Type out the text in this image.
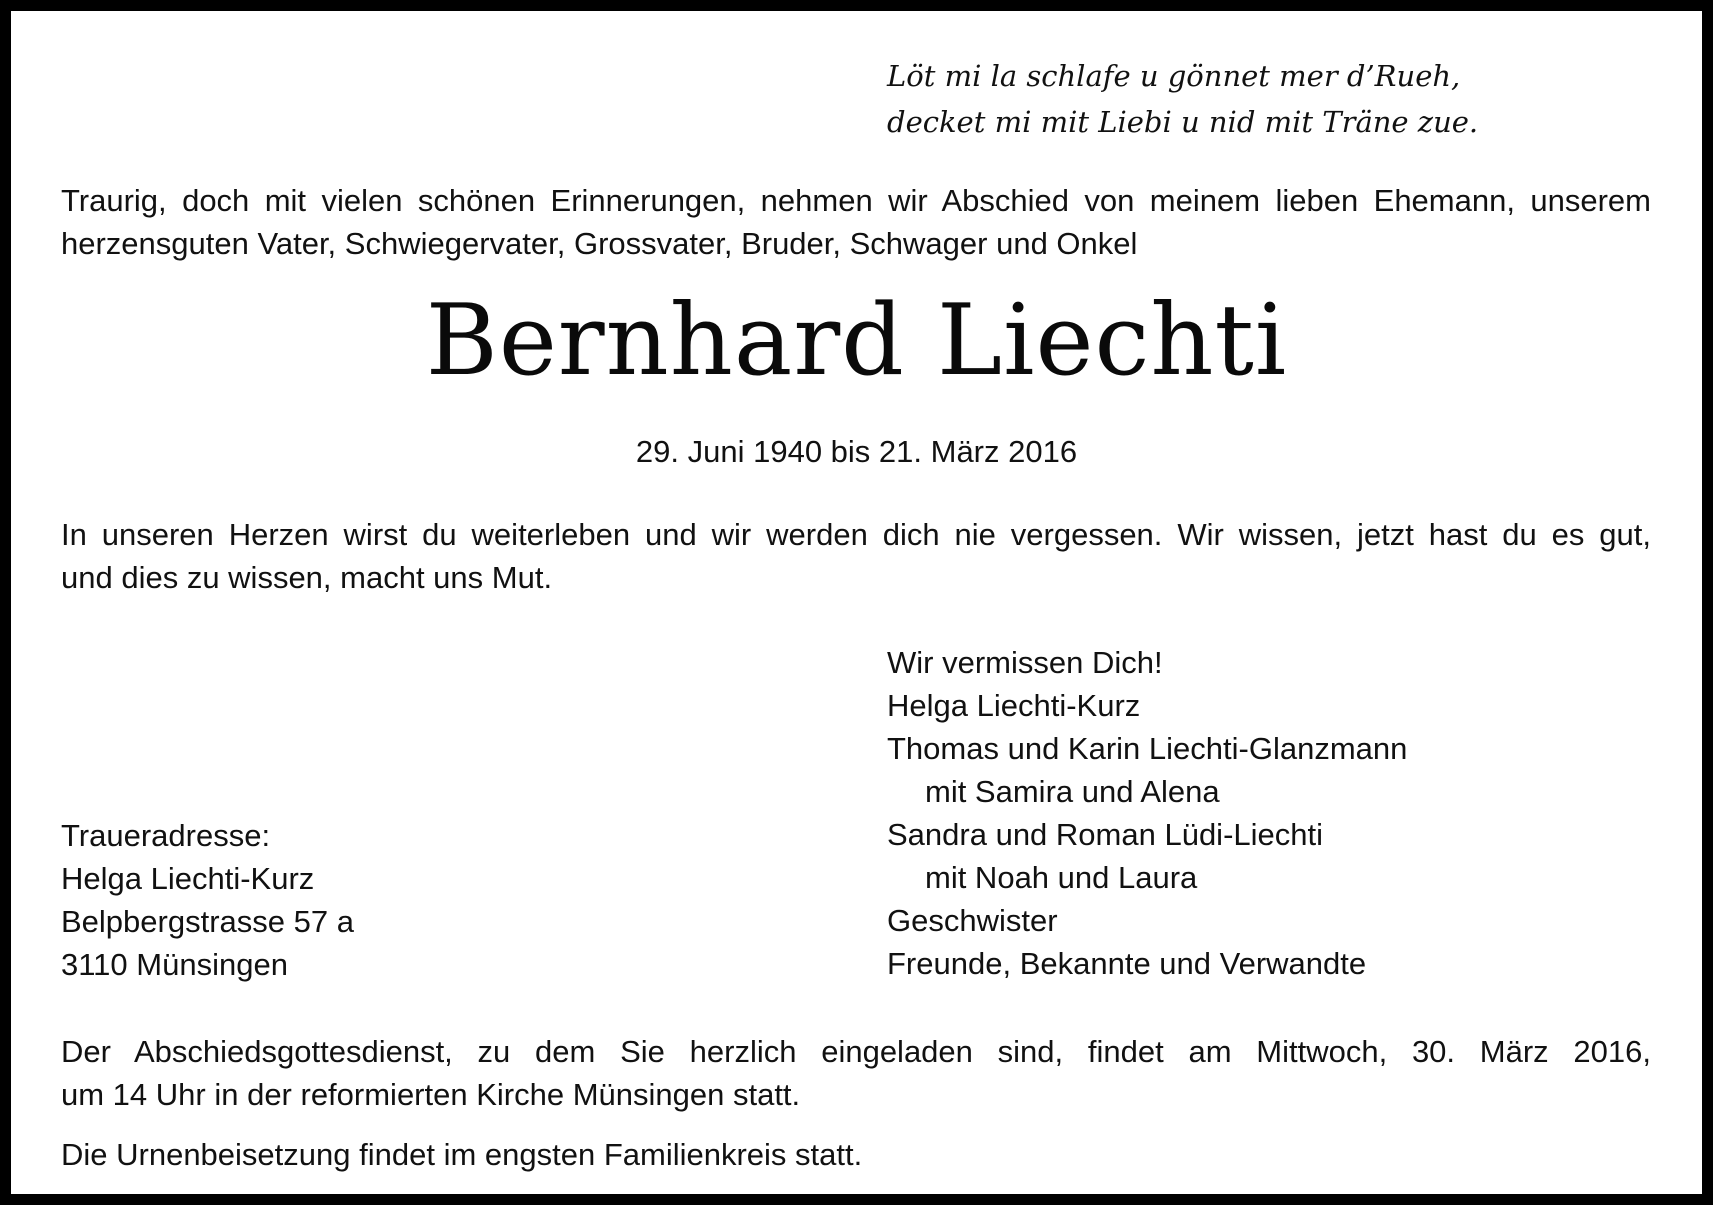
Löt mi la schlafe u gönnet mer d’Rueh,
decket mi mit Liebi u nid mit Träne zue.
Traurig, doch mit vielen schönen Erinnerungen, nehmen wir Abschied von meinem lieben Ehemann, unserem
herzensguten Vater, Schwiegervater, Grossvater, Bruder, Schwager und Onkel
Bernhard Liechti
29. Juni 1940 bis 21. März 2016
In unseren Herzen wirst du weiterleben und wir werden dich nie vergessen. Wir wissen, jetzt hast du es gut,
und dies zu wissen, macht uns Mut.
Wir vermissen Dich!
Helga Liechti-Kurz
Thomas und Karin Liechti-Glanzmann
mit Samira und Alena
Sandra und Roman Lüdi-Liechti
mit Noah und Laura
Geschwister
Freunde, Bekannte und Verwandte
Traueradresse:
Helga Liechti-Kurz
Belpbergstrasse 57 a
3110 Münsingen
Der Abschiedsgottesdienst, zu dem Sie herzlich eingeladen sind, findet am Mittwoch, 30. März 2016,
um 14 Uhr in der reformierten Kirche Münsingen statt.
Die Urnenbeisetzung findet im engsten Familienkreis statt.
